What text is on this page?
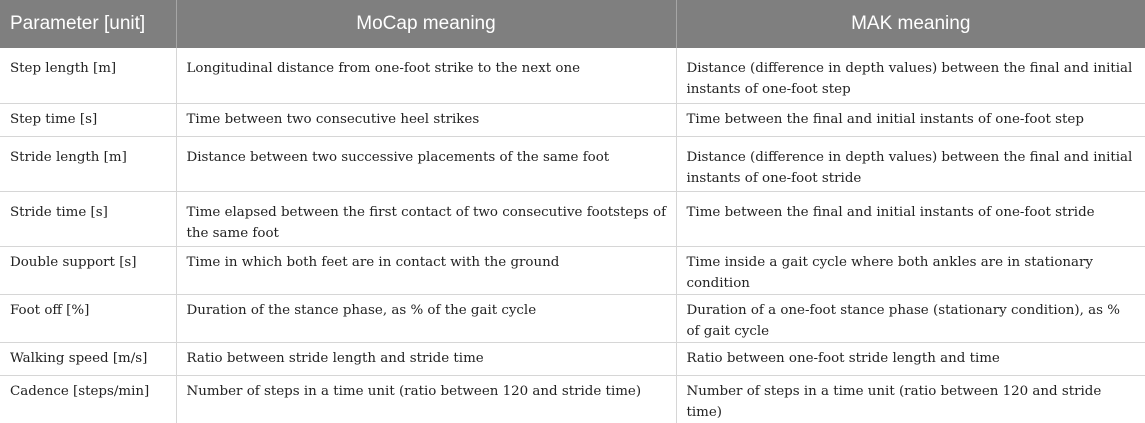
Parameter [unit]	MoCap meaning	MAK meaning
Step length [m]	Longitudinal distance from one-foot strike to the next one	Distance (difference in depth values) between the final and initial instants of one-foot step
Step time [s]	Time between two consecutive heel strikes	Time between the final and initial instants of one-foot step
Stride length [m]	Distance between two successive placements of the same foot	Distance (difference in depth values) between the final and initial instants of one-foot stride
Stride time [s]	Time elapsed between the first contact of two consecutive footsteps of the same foot	Time between the final and initial instants of one-foot stride
Double support [s]	Time in which both feet are in contact with the ground	Time inside a gait cycle where both ankles are in stationary condition
Foot off [%]	Duration of the stance phase, as % of the gait cycle	Duration of a one-foot stance phase (stationary condition), as % of gait cycle
Walking speed [m/s]	Ratio between stride length and stride time	Ratio between one-foot stride length and time
Cadence [steps/min]	Number of steps in a time unit (ratio between 120 and stride time)	Number of steps in a time unit (ratio between 120 and stride time)
